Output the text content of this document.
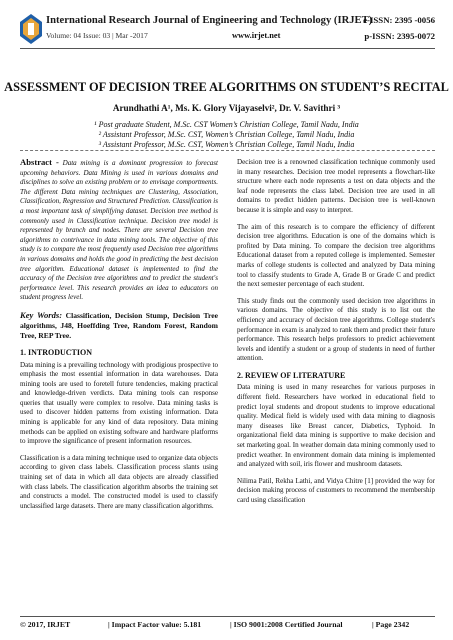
International Research Journal of Engineering and Technology (IRJET)
e-ISSN: 2395 -0056
Volume: 04 Issue: 03 | Mar -2017	www.irjet.net	p-ISSN: 2395-0072
ASSESSMENT OF DECISION TREE ALGORITHMS ON STUDENT’S RECITAL
Arundhathi A¹, Ms. K. Glory Vijayaselvi², Dr. V. Savithri ³
¹ Post graduate Student, M.Sc. CST Women’s Christian College, Tamil Nadu, India
² Assistant Professor, M.Sc. CST, Women’s Christian College, Tamil Nadu, India
³ Assistant Professor, M.Sc. CST, Women’s Christian College, Tamil Nadu, India
Abstract - Data mining is a dominant progression to forecast upcoming behaviors. Data Mining is used in various domains and disciplines to solve an existing problem or to envisage comportments. The different Data mining techniques are Clustering, Association, Classification, Regression and Structured Prediction. Classification is a most important task of simplifying dataset. Decision tree method is commonly used in Classification technique. Decision tree model is represented by branch and nodes. There are several Decision tree algorithms to contrivance in data mining tools. The objective of this study is to compare the most frequently used Decision tree algorithms in various domains and holds the good in predicting the best decision tree algorithm. Educational dataset is implemented to find the accuracy of the Decision tree algorithms and to predict the student's performance level. This research provides an idea to educators on student progress level.
Key Words: Classification, Decision Stump, Decision Tree algorithms, J48, Hoeffding Tree, Random Forest, Random Tree, REP Tree.
1. INTRODUCTION

Data mining is a prevailing technology with prodigious prospective to emphasis the most essential information in data warehouses. Data mining tools are used to foretell future tendencies, making practical and knowledge-driven verdicts. Data mining tools can response queries that usually were complex to resolve. Data mining tasks is used to discover hidden patterns from existing information. Data mining is applicable for any kind of data repository. Data mining methods can be applied on existing software and hardware platforms to improve the significance of present information resources.

Classification is a data mining technique used to organize data objects according to given class labels. Classification process slants using training set of data in which all data objects are already classified with class labels. The classification algorithm absorbs the training set and constructs a model. The constructed model is used to classify unclassified large datasets. There are many classification algorithms.

Decision tree is a renowned classification technique commonly used in many researches. Decision tree model represents a flowchart-like structure where each node represents a test on data objects and the leaf node represents the class label. Decision tree are used in all domains to predict hidden patterns. Decision tree is well-known because it is simple and easy to interpret.

The aim of this research is to compare the efficiency of different decision tree algorithms. Education is one of the domains which is profited by Data mining. To compare the decision tree algorithms Educational dataset from a reputed college is implemented. Semester marks of college students is collected and analyzed by Data mining tool to classify students to Grade A, Grade B or Grade C and predict the next semester percentage of each student.

This study finds out the commonly used decision tree algorithms in various domains. The objective of this study is to list out the efficiency and accuracy of decision tree algorithms. College student's performance in exam is analyzed to rank them and predict their future performance. This research helps professors to predict achievement levels and identify a student or a group of students in need of further attention.

2. REVIEW OF LITERATURE

Data mining is used in many researches for various purposes in different field. Researchers have worked in educational field to predict loyal students and dropout students to improve educational quality. Medical field is widely used with data mining to diagnosis many diseases like Breast cancer, Diabetics, Typhoid. In organizational field data mining is supportive to make decision and set marketing goal. In weather domain data mining commonly used to predict weather. In environment domain data mining is implemented and analyzed with soil, iris flower and mushroom datasets.

Nilima Patil, Rekha Lathi, and Vidya Chitre [1] provided the way for decision making process of customers to recommend the membership card using classification

© 2017, IRJET	| Impact Factor value: 5.181	| ISO 9001:2008 Certified Journal	| Page 2342
